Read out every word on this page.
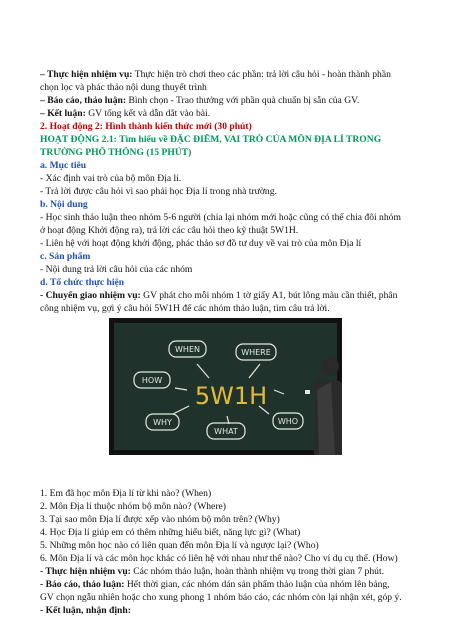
– Thực hiện nhiệm vụ: Thực hiện trò chơi theo các phần: trả lời câu hỏi - hoàn thành phần
chọn lọc và phác thảo nội dung thuyết trình
– Báo cáo, thảo luận: Bình chọn - Trao thưởng với phần quà chuẩn bị sẵn của GV.
– Kết luận: GV tổng kết và dẫn dắt vào bài.
2. Hoạt động 2: Hình thành kiến thức mới (30 phút)
HOẠT ĐỘNG 2.1: Tìm hiểu về ĐẶC ĐIỂM, VAI TRÒ CỦA MÔN ĐỊA LÍ TRONG
TRƯỜNG PHỔ THÔNG (15 PHÚT)
a. Mục tiêu
- Xác định vai trò của bộ môn Địa lí.
- Trả lời được câu hỏi vì sao phải học Địa lí trong nhà trường.
b. Nội dung
- Học sinh thảo luận theo nhóm 5-6 người (chia lại nhóm mới hoặc cũng có thể chia đôi nhóm
ở hoạt động Khởi động ra), trả lời các câu hỏi theo kỹ thuật 5W1H.
- Liên hệ với hoạt động khởi động, phác thảo sơ đồ tư duy về vai trò của môn Địa lí
c. Sản phẩm
- Nội dung trả lời câu hỏi của các nhóm
d. Tổ chức thực hiện
- Chuyển giao nhiệm vụ: GV phát cho mỗi nhóm 1 tờ giấy A1, bút lông màu cần thiết, phân
công nhiệm vụ, gợi ý câu hỏi 5W1H để các nhóm thảo luận, tìm câu trả lời.
WHEN	WHERE
HOW
WHY
WHAT
WHO
5W1H
1. Em đã học môn Địa lí từ khi nào? (When)
2. Môn Địa lí thuộc nhóm bộ môn nào? (Where)
3. Tại sao môn Địa lí được xếp vào nhóm bộ môn trên? (Why)
4. Học Địa lí giúp em có thêm những hiểu biết, năng lực gì? (What)
5. Những môn học nào có liên quan đến môn Địa lí và ngược lại? (Who)
6. Môn Địa lí và các môn học khác có liên hệ với nhau như thế nào? Cho ví dụ cụ thể. (How)
- Thực hiện nhiệm vụ: Các nhóm thảo luận, hoàn thành nhiệm vụ trong thời gian 7 phút.
- Báo cáo, thảo luận: Hết thời gian, các nhóm dán sản phẩm thảo luận của nhóm lên bảng,
GV chọn ngẫu nhiên hoặc cho xung phong 1 nhóm báo cáo, các nhóm còn lại nhận xét, góp ý.
- Kết luận, nhận định:
